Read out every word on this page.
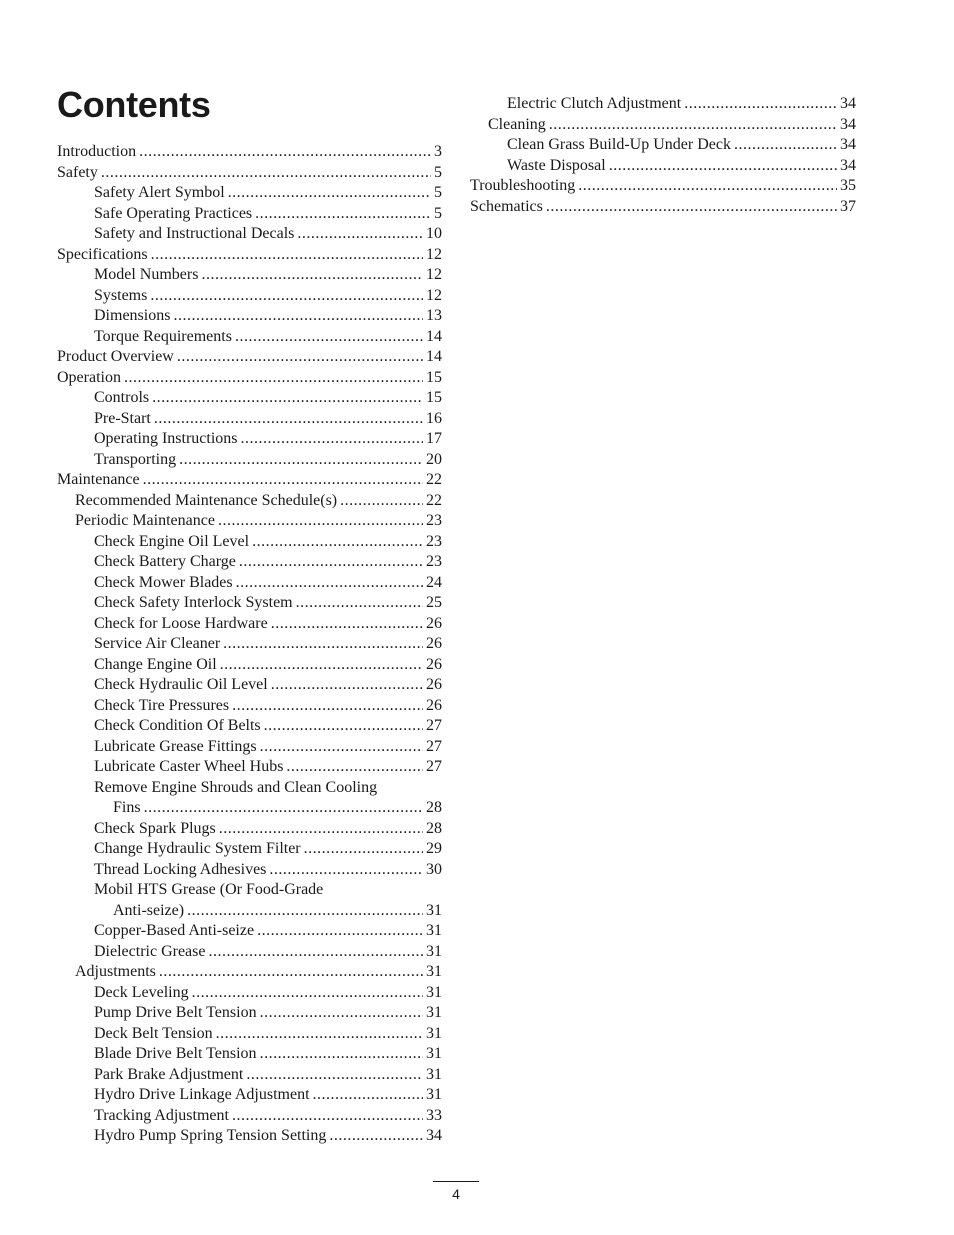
Contents
Introduction .....	3
Safety .....	5
Safety Alert Symbol .....	5
Safe Operating Practices .....	5
Safety and Instructional Decals .....	10
Specifications .....	12
Model Numbers .....	12
Systems .....	12
Dimensions .....	13
Torque Requirements .....	14
Product Overview .....	14
Operation .....	15
Controls .....	15
Pre-Start .....	16
Operating Instructions .....	17
Transporting .....	20
Maintenance .....	22
Recommended Maintenance Schedule(s) .....	22
Periodic Maintenance .....	23
Check Engine Oil Level .....	23
Check Battery Charge .....	23
Check Mower Blades .....	24
Check Safety Interlock System .....	25
Check for Loose Hardware .....	26
Service Air Cleaner .....	26
Change Engine Oil .....	26
Check Hydraulic Oil Level .....	26
Check Tire Pressures .....	26
Check Condition Of Belts .....	27
Lubricate Grease Fittings .....	27
Lubricate Caster Wheel Hubs .....	27
Remove Engine Shrouds and Clean Cooling
Fins .....	28
Check Spark Plugs .....	28
Change Hydraulic System Filter .....	29
Thread Locking Adhesives .....	30
Mobil HTS Grease (Or Food-Grade
Anti-seize) .....	31
Copper-Based Anti-seize .....	31
Dielectric Grease .....	31
Adjustments .....	31
Deck Leveling .....	31
Pump Drive Belt Tension .....	31
Deck Belt Tension .....	31
Blade Drive Belt Tension .....	31
Park Brake Adjustment .....	31
Hydro Drive Linkage Adjustment .....	31
Tracking Adjustment .....	33
Hydro Pump Spring Tension Setting .....	34
Electric Clutch Adjustment .....	34
Cleaning .....	34
Clean Grass Build-Up Under Deck .....	34
Waste Disposal .....	34
Troubleshooting .....	35
Schematics .....	37
4
